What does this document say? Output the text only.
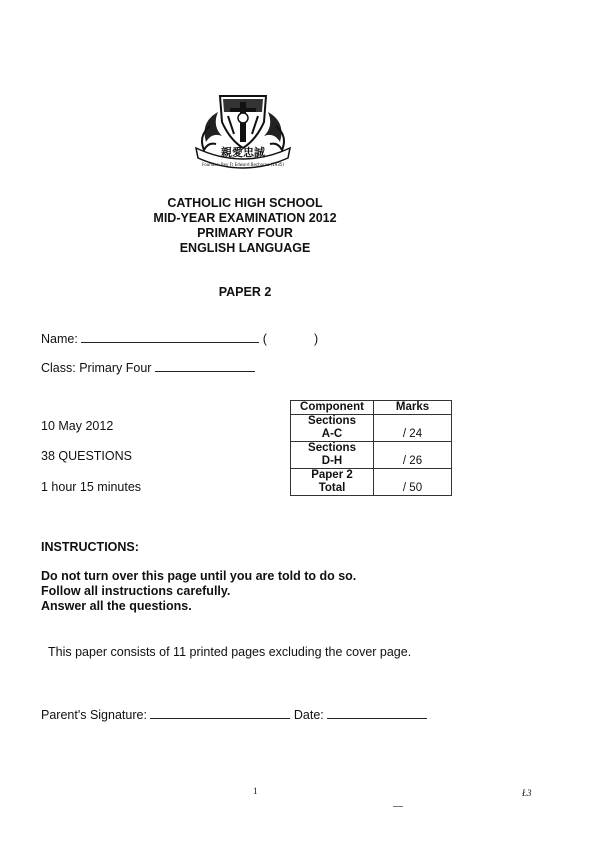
親愛忠誠
Founder: Rev Fr Edward Becharas (1935)
CATHOLIC HIGH SCHOOL
MID-YEAR EXAMINATION 2012
PRIMARY FOUR
ENGLISH LANGUAGE
PAPER 2
Name:	(	)
Class: Primary Four
10 May 2012
38 QUESTIONS
1 hour 15 minutes
Component	Marks

Sections
A-C	/ 24

Sections
D-H	/ 26

Paper 2
Total	/ 50
INSTRUCTIONS:
Do not turn over this page until you are told to do so.
Follow all instructions carefully.
Answer all the questions.
This paper consists of 11 printed pages excluding the cover page.
Parent's Signature:	Date:
1	Ł3
